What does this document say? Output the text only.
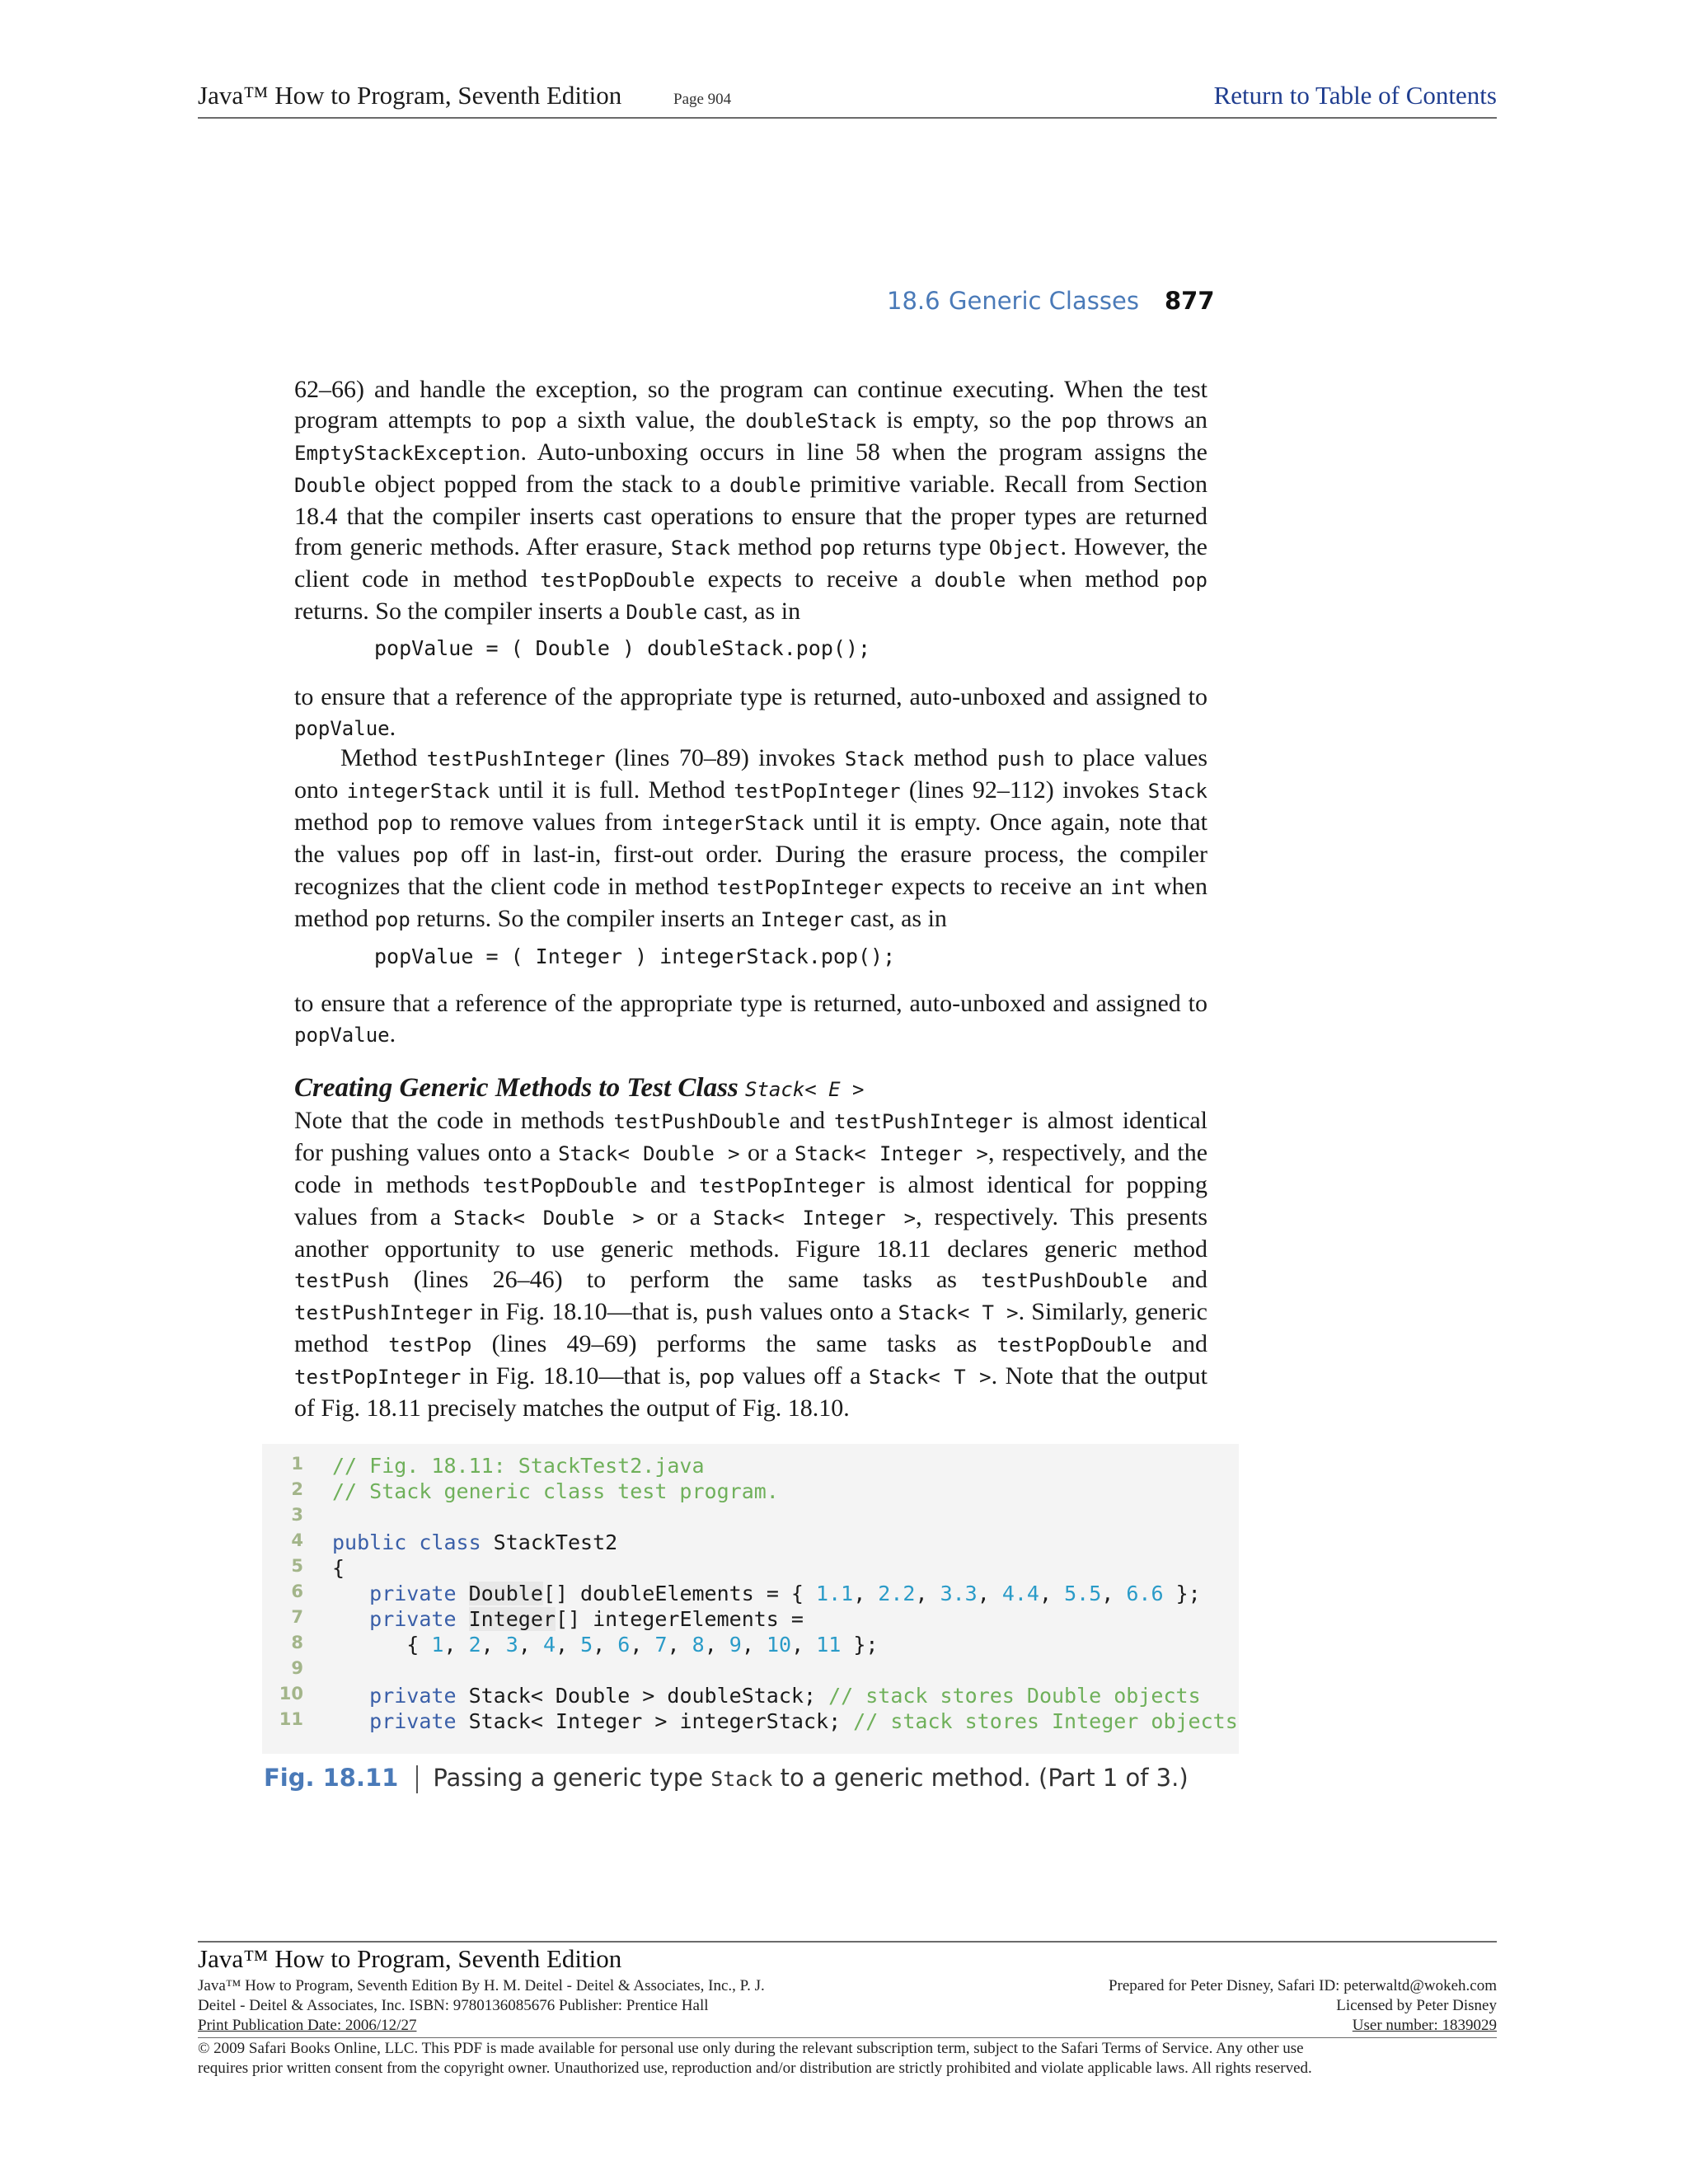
Java™ How to Program, Seventh Edition	Page 904	Return to Table of Contents
18.6 Generic Classes 877
62–66) and handle the exception, so the program can continue executing. When the test program attempts to pop a sixth value, the doubleStack is empty, so the pop throws an EmptyStackException. Auto-unboxing occurs in line 58 when the program assigns the Double object popped from the stack to a double primitive variable. Recall from Section 18.4 that the compiler inserts cast operations to ensure that the proper types are returned from generic methods. After erasure, Stack method pop returns type Object. However, the client code in method testPopDouble expects to receive a double when method pop returns. So the compiler inserts a Double cast, as in
popValue = ( Double ) doubleStack.pop();
to ensure that a reference of the appropriate type is returned, auto-unboxed and assigned to popValue.
Method testPushInteger (lines 70–89) invokes Stack method push to place values onto integerStack until it is full. Method testPopInteger (lines 92–112) invokes Stack method pop to remove values from integerStack until it is empty. Once again, note that the values pop off in last-in, first-out order. During the erasure process, the compiler recognizes that the client code in method testPopInteger expects to receive an int when method pop returns. So the compiler inserts an Integer cast, as in
popValue = ( Integer ) integerStack.pop();
to ensure that a reference of the appropriate type is returned, auto-unboxed and assigned to popValue.
Creating Generic Methods to Test Class Stack< E >
Note that the code in methods testPushDouble and testPushInteger is almost identical for pushing values onto a Stack< Double > or a Stack< Integer >, respectively, and the code in methods testPopDouble and testPopInteger is almost identical for popping values from a Stack< Double > or a Stack< Integer >, respectively. This presents another opportunity to use generic methods. Figure 18.11 declares generic method testPush (lines 26–46) to perform the same tasks as testPushDouble and testPushInteger in Fig. 18.10—that is, push values onto a Stack< T >. Similarly, generic method testPop (lines 49–69) performs the same tasks as testPopDouble and testPopInteger in Fig. 18.10—that is, pop values off a Stack< T >. Note that the output of Fig. 18.11 precisely matches the output of Fig. 18.10.
1 // Fig. 18.11: StackTest2.java
2 // Stack generic class test program.
3
4 public class StackTest2
5 {
6	private Double[] doubleElements = { 1.1, 2.2, 3.3, 4.4, 5.5, 6.6 };
7	private Integer[] integerElements =
8 { 1, 2, 3, 4, 5, 6, 7, 8, 9, 10, 11 };
9
10	private Stack< Double > doubleStack; // stack stores Double objects
11	private Stack< Integer > integerStack; // stack stores Integer objects
Fig. 18.11 Passing a generic type Stack to a generic method. (Part 1 of 3.)
Java™ How to Program, Seventh Edition
Java™ How to Program, Seventh Edition By H. M. Deitel - Deitel & Associates, Inc., P. J.
Deitel - Deitel & Associates, Inc. ISBN: 9780136085676 Publisher: Prentice Hall
Print Publication Date: 2006/12/27
Prepared for Peter Disney, Safari ID: peterwaltd@wokeh.com
Licensed by Peter Disney
User number: 1839029
© 2009 Safari Books Online, LLC. This PDF is made available for personal use only during the relevant subscription term, subject to the Safari Terms of Service. Any other use
requires prior written consent from the copyright owner. Unauthorized use, reproduction and/or distribution are strictly prohibited and violate applicable laws. All rights reserved.
